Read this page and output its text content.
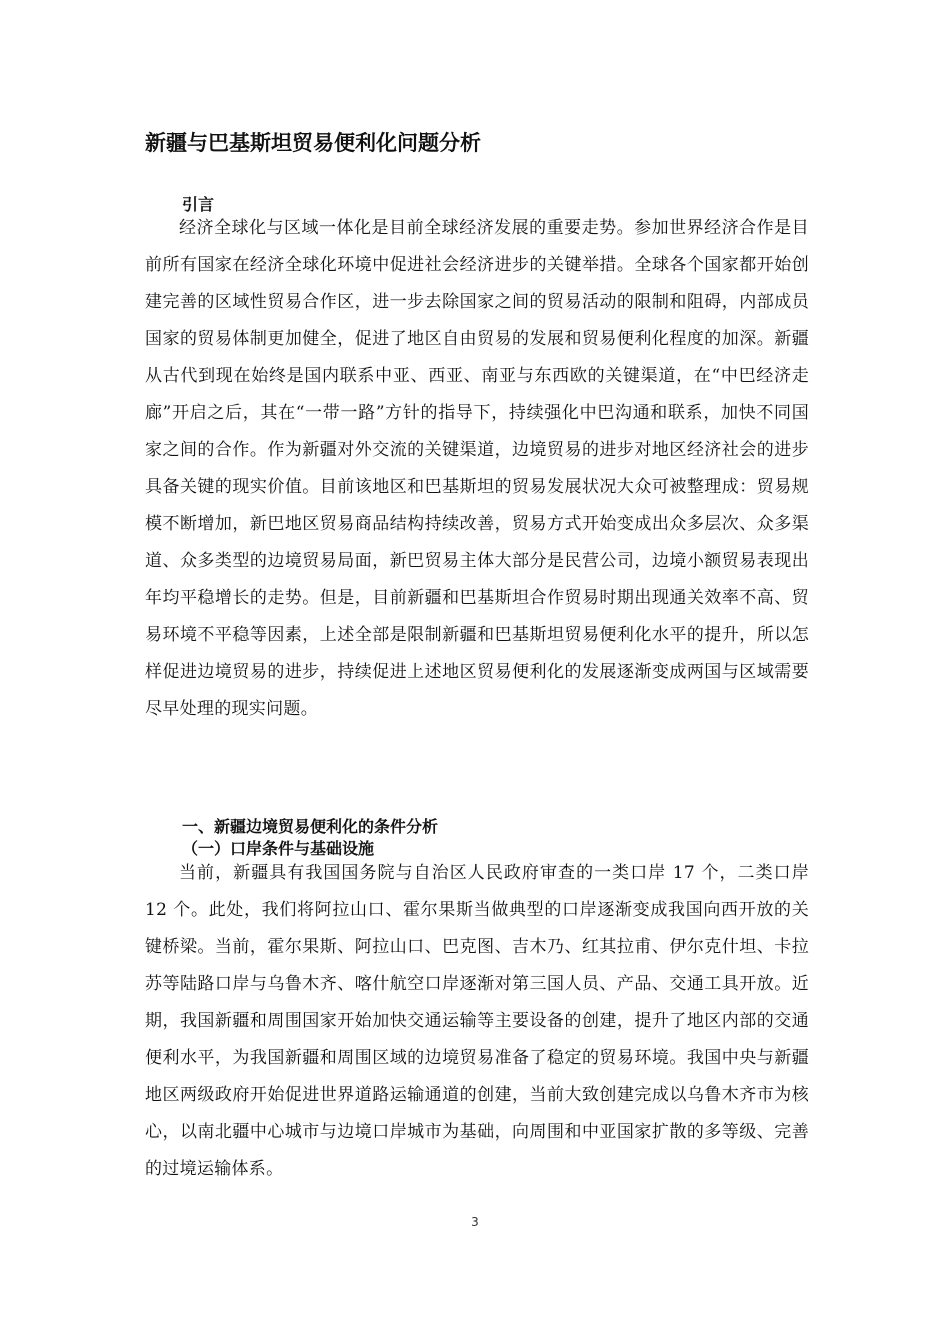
新疆与巴基斯坦贸易便利化问题分析
引言

经济全球化与区域一体化是目前全球经济发展的重要走势。参加世界经济合作是目前所有国家在经济全球化环境中促进社会经济进步的关键举措。全球各个国家都开始创建完善的区域性贸易合作区，进一步去除国家之间的贸易活动的限制和阻碍，内部成员国家的贸易体制更加健全，促进了地区自由贸易的发展和贸易便利化程度的加深。新疆从古代到现在始终是国内联系中亚、西亚、南亚与东西欧的关键渠道，在“中巴经济走廊”开启之后，其在“一带一路”方针的指导下，持续强化中巴沟通和联系，加快不同国家之间的合作。作为新疆对外交流的关键渠道，边境贸易的进步对地区经济社会的进步具备关键的现实价值。目前该地区和巴基斯坦的贸易发展状况大众可被整理成：贸易规模不断增加，新巴地区贸易商品结构持续改善，贸易方式开始变成出众多层次、众多渠道、众多类型的边境贸易局面，新巴贸易主体大部分是民营公司，边境小额贸易表现出年均平稳增长的走势。但是，目前新疆和巴基斯坦合作贸易时期出现通关效率不高、贸易环境不平稳等因素，上述全部是限制新疆和巴基斯坦贸易便利化水平的提升，所以怎样促进边境贸易的进步，持续促进上述地区贸易便利化的发展逐渐变成两国与区域需要尽早处理的现实问题。

一、新疆边境贸易便利化的条件分析
（一）口岸条件与基础设施

当前，新疆具有我国国务院与自治区人民政府审查的一类口岸 17 个，二类口岸 12 个。此处，我们将阿拉山口、霍尔果斯当做典型的口岸逐渐变成我国向西开放的关键桥梁。当前，霍尔果斯、阿拉山口、巴克图、吉木乃、红其拉甫、伊尔克什坦、卡拉苏等陆路口岸与乌鲁木齐、喀什航空口岸逐渐对第三国人员、产品、交通工具开放。近期，我国新疆和周围国家开始加快交通运输等主要设备的创建，提升了地区内部的交通便利水平，为我国新疆和周围区域的边境贸易准备了稳定的贸易环境。我国中央与新疆地区两级政府开始促进世界道路运输通道的创建，当前大致创建完成以乌鲁木齐市为核心，以南北疆中心城市与边境口岸城市为基础，向周围和中亚国家扩散的多等级、完善的过境运输体系。

3
